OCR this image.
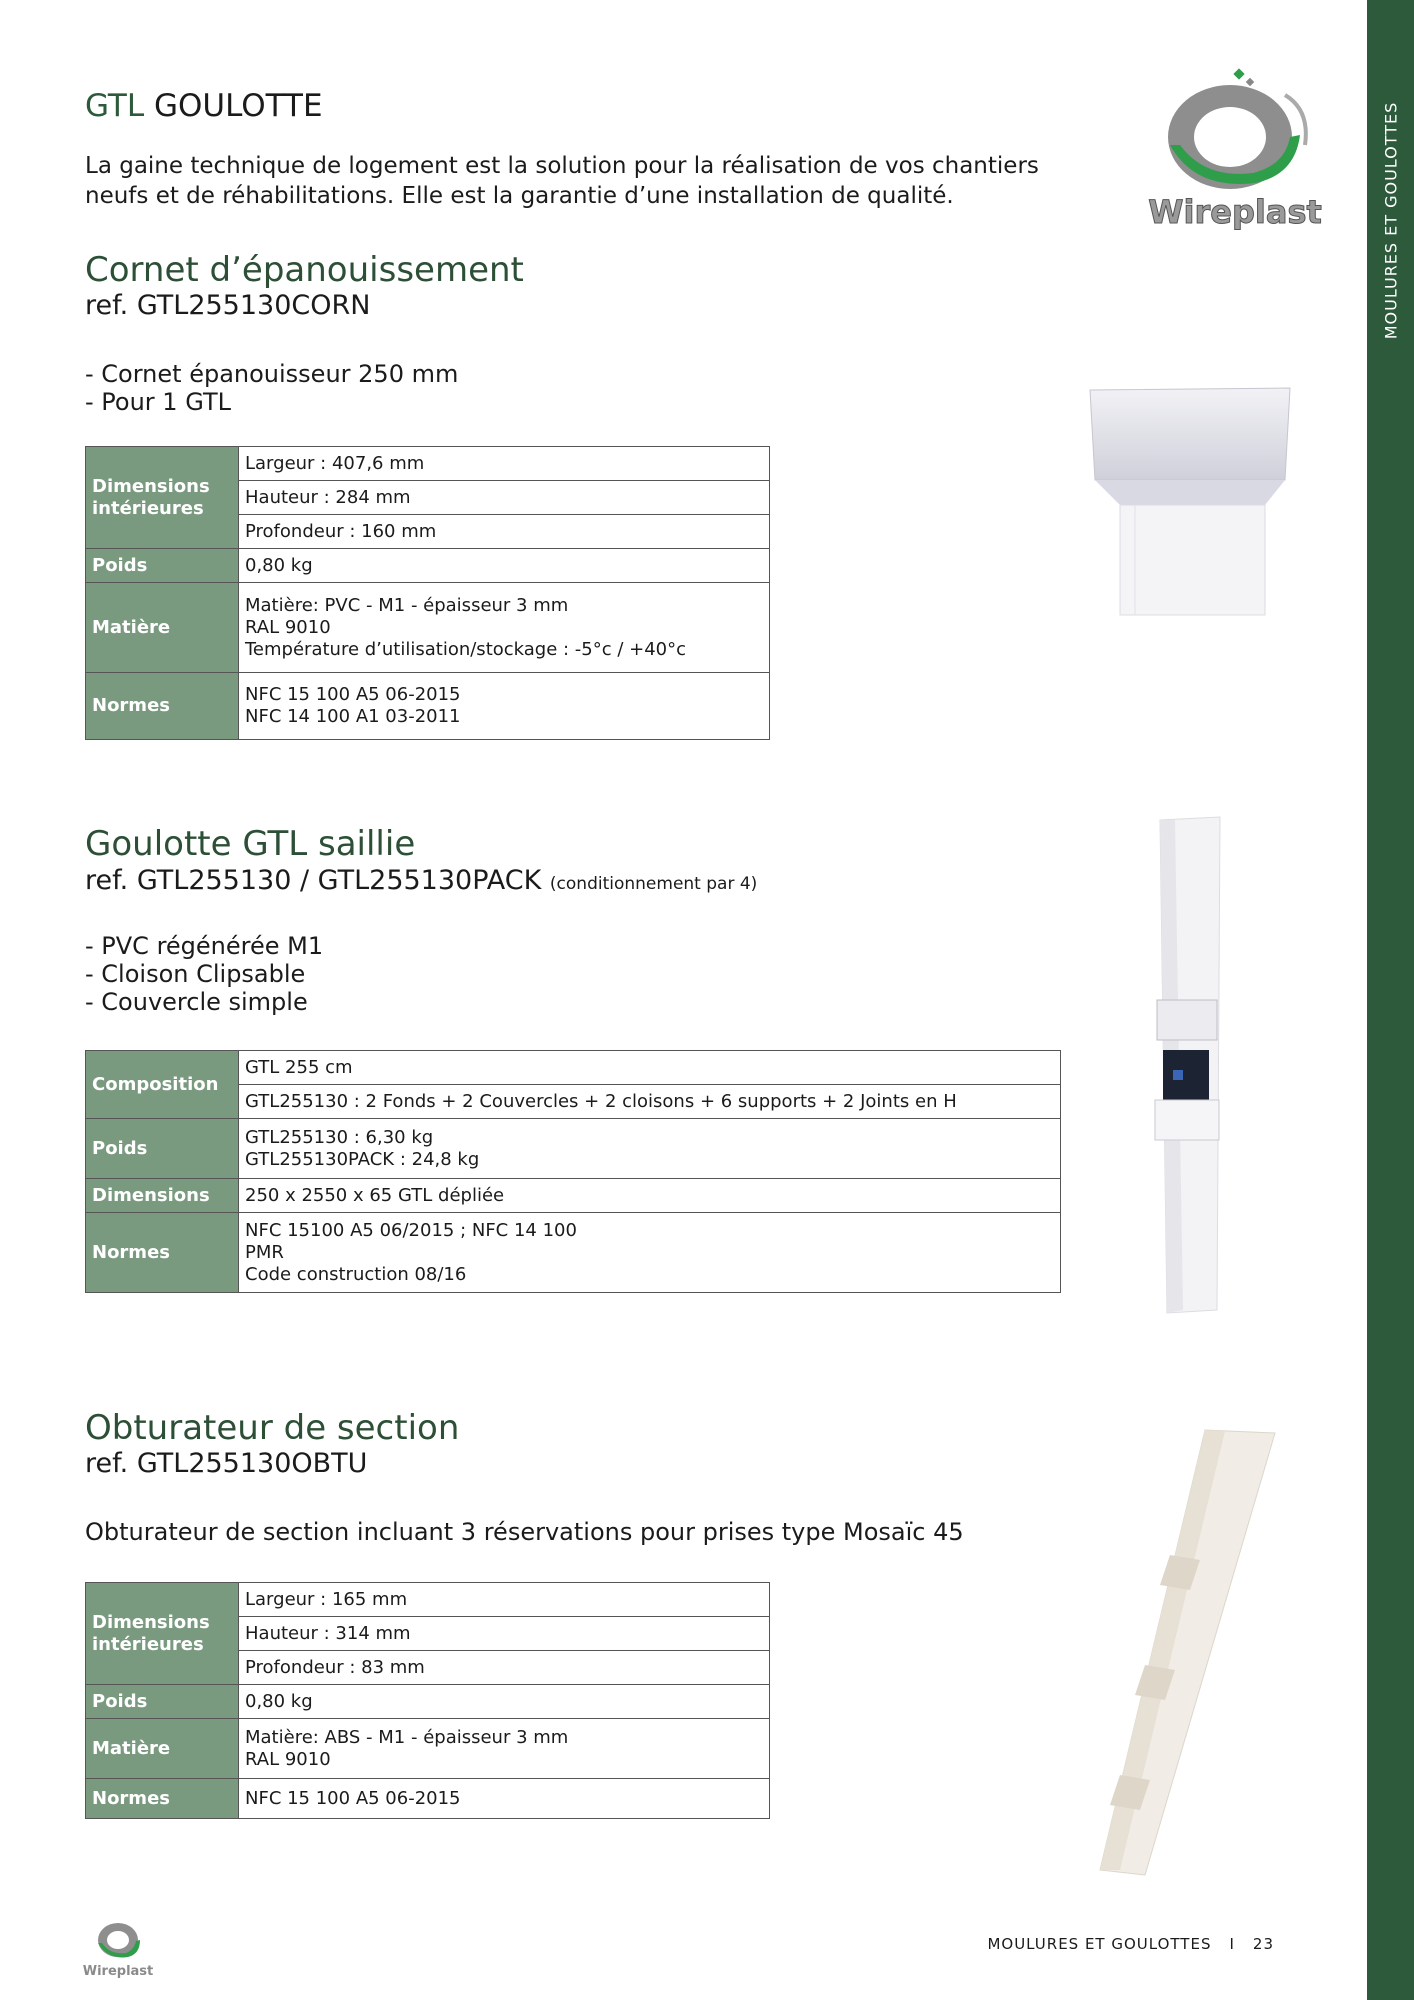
MOULURES ET GOULOTTES
GTL GOULOTTE

La gaine technique de logement est la solution pour la réalisation de vos chantiers neufs et de réhabilitations. Elle est la garantie d’une installation de qualité.	Wireplast
Cornet d’épanouissement

ref. GTL255130CORN

- Cornet épanouisseur 250 mm
- Pour 1 GTL
Dimensions intérieures	Largeur : 407,6 mm
	Hauteur : 284 mm
	Profondeur : 160 mm
Poids	0,80 kg
Matière	Matière: PVC - M1 - épaisseur 3 mm
RAL 9010
Température d’utilisation/stockage : -5°c / +40°c

Normes	NFC 15 100 A5 06-2015
NFC 14 100 A1 03-2011
Goulotte GTL saillie

ref. GTL255130 / GTL255130PACK (conditionnement par 4)

- PVC régénérée M1
- Cloison Clipsable
- Couvercle simple
Composition	GTL 255 cm
	GTL255130 : 2 Fonds + 2 Couvercles + 2 cloisons + 6 supports + 2 Joints en H
Poids	GTL255130 : 6,30 kg
GTL255130PACK : 24,8 kg

Dimensions	250 x 2550 x 65 GTL dépliée
Normes	NFC 15100 A5 06/2015 ; NFC 14 100
PMR
Code construction 08/16
Obturateur de section

ref. GTL255130OBTU

Obturateur de section incluant 3 réservations pour prises type Mosaïc 45

Dimensions intérieures	Largeur : 165 mm
	Hauteur : 314 mm
	Profondeur : 83 mm
Poids	0,80 kg
Matière	Matière: ABS - M1 - épaisseur 3 mm
RAL 9010

Normes	NFC 15 100 A5 06-2015
Wireplast
MOULURES ET GOULOTTES I 23
